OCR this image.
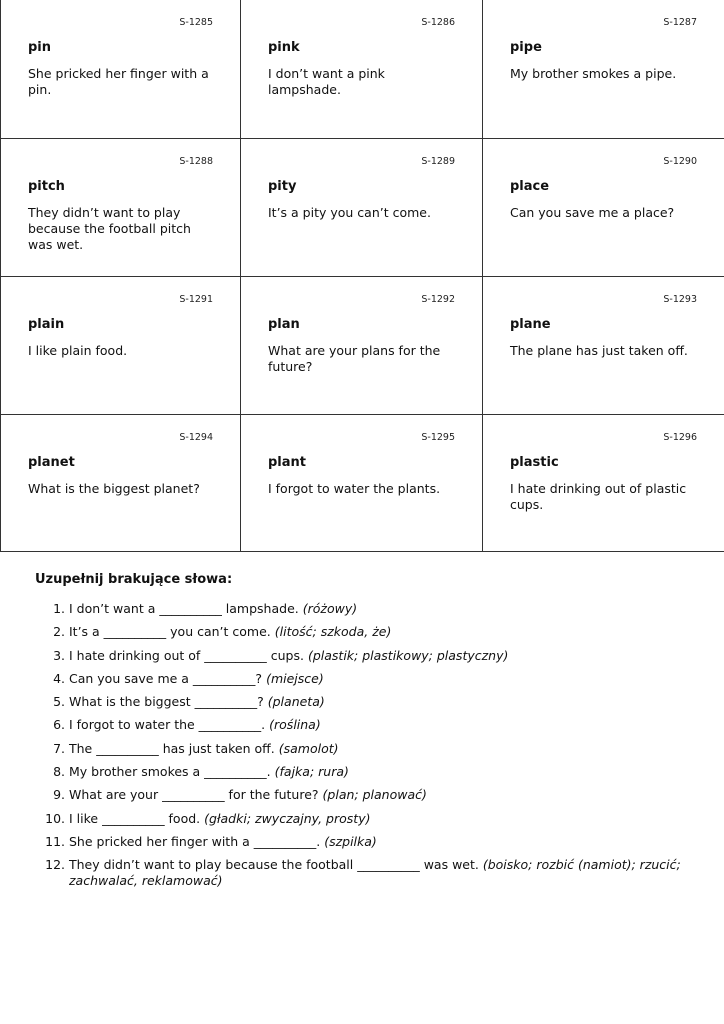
S-1285
pin
She pricked her finger with a pin.
S-1286
pink
I don’t want a pink lampshade.
S-1287
pipe
My brother smokes a pipe.
S-1288
pitch
They didn’t want to play because the football pitch was wet.
S-1289
pity
It’s a pity you can’t come.
S-1290
place
Can you save me a place?
S-1291
plain
I like plain food.
S-1292
plan
What are your plans for the future?
S-1293
plane
The plane has just taken off.
S-1294
planet
What is the biggest planet?
S-1295
plant
I forgot to water the plants.
S-1296
plastic
I hate drinking out of plastic cups.

Uzupełnij brakujące słowa:

1. I don’t want a __________ lampshade. (różowy)
2. It’s a __________ you can’t come. (litość; szkoda, że)
3. I hate drinking out of __________ cups. (plastik; plastikowy; plastyczny)
4. Can you save me a __________? (miejsce)
5. What is the biggest __________? (planeta)
6. I forgot to water the __________. (roślina)
7. The __________ has just taken off. (samolot)
8. My brother smokes a __________. (fajka; rura)
9. What are your __________ for the future? (plan; planować)
10. I like __________ food. (gładki; zwyczajny, prosty)
11. She pricked her finger with a __________. (szpilka)
12. They didn’t want to play because the football __________ was wet. (boisko; rozbić (namiot); rzucić; zachwalać, reklamować)
